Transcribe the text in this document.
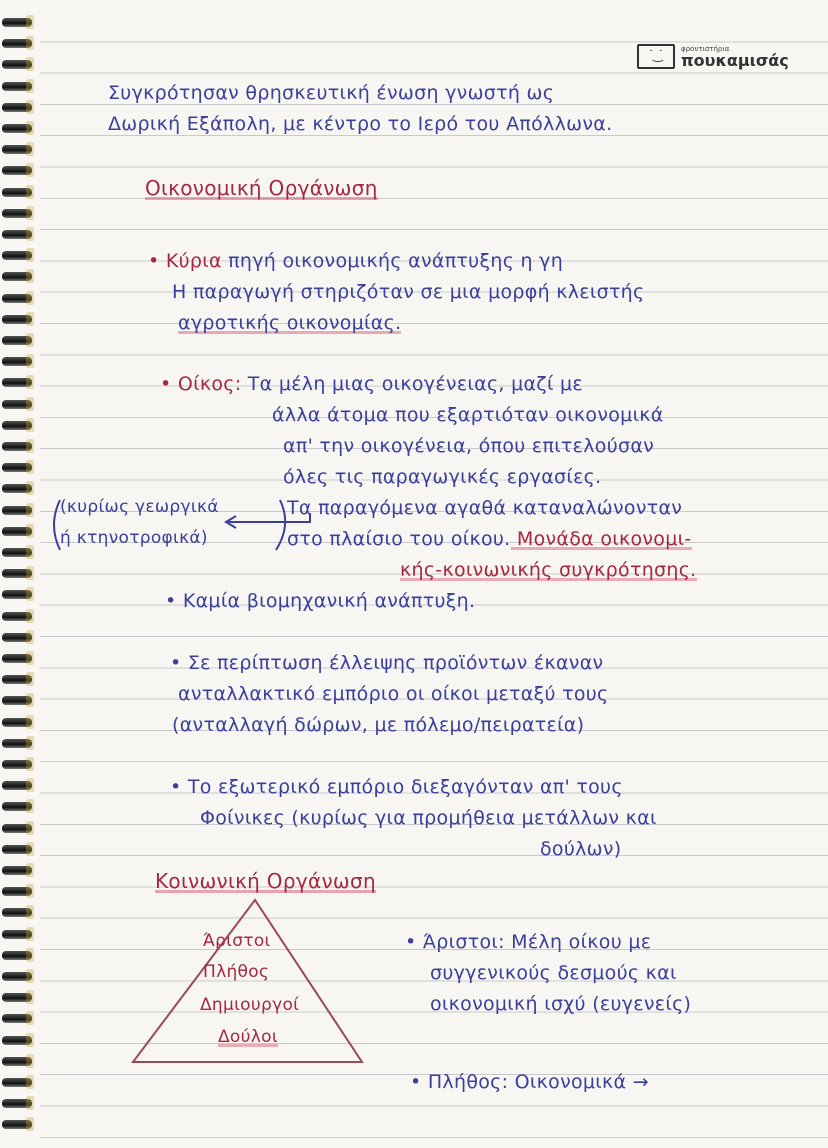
˙ ͜˙ φροντιστήρια
πουκαμισάς
Συγκρότησαν θρησκευτική ένωση γνωστή ως
Δωρική Εξάπολη, με κέντρο το Ιερό του Απόλλωνα.
Οικονομική Οργάνωση
• Κύρια πηγή οικονομικής ανάπτυξης η γη
Η παραγωγή στηριζόταν σε μια μορφή κλειστής
αγροτικής οικονομίας.
• Οίκος: Τα μέλη μιας οικογένειας, μαζί με
άλλα άτομα που εξαρτιόταν οικονομικά
απ' την οικογένεια, όπου επιτελούσαν
όλες τις παραγωγικές εργασίες.
Τα παραγόμενα αγαθά καταναλώνονταν
στο πλαίσιο του οίκου. Μονάδα οικονομι-
κής-κοινωνικής συγκρότησης.
(κυρίως γεωργικά
ή κτηνοτροφικά)
• Καμία βιομηχανική ανάπτυξη.
• Σε περίπτωση έλλειψης προϊόντων έκαναν
ανταλλακτικό εμπόριο οι οίκοι μεταξύ τους
(ανταλλαγή δώρων, με πόλεμο/πειρατεία)
• Το εξωτερικό εμπόριο διεξαγόνταν απ' τους
Φοίνικες (κυρίως για προμήθεια μετάλλων και
δούλων)
Κοινωνική Οργάνωση
Άριστοι
Πλήθος
Δημιουργοί
Δούλοι
• Άριστοι: Μέλη οίκου με
συγγενικούς δεσμούς και
οικονομική ισχύ (ευγενείς)
• Πλήθος: Οικονομικά →
